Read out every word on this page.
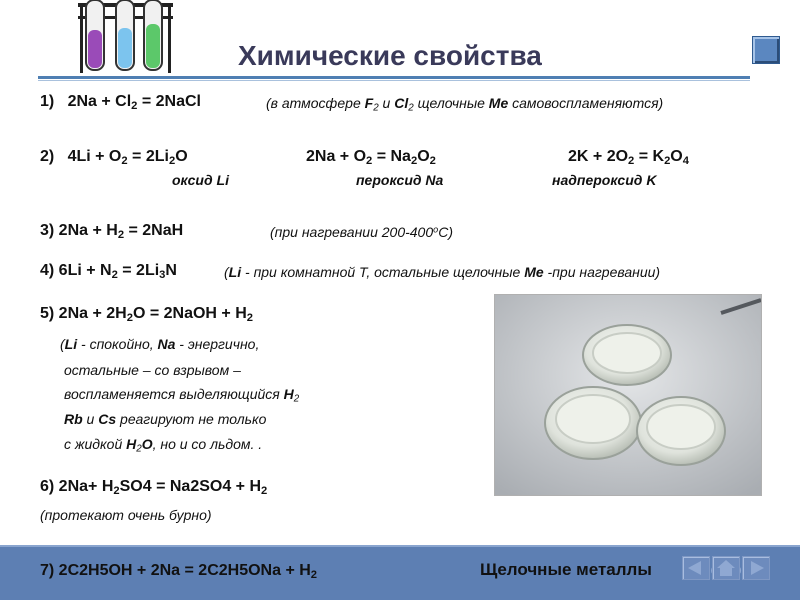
Химические свойства
1) $2Na + Cl_2$ = 2NaCl	(в атмосфере $F_2$ и $Cl_2$ щелочные Ме самовоспламеняются)
2) $4Li + O_2 = 2Li_2O$	$2Na + O_2 = Na_2O_2$	$2K + 2O_2 = K_2O_4$
оксид Li	пероксид Na	надпероксид K
3) $2Na + H_2 = 2NaH$	(при нагревании 200-400$^o$С)
4) $6Li + N_2 = 2Li_3N$	(Li - при комнатной Т, остальные щелочные Ме -при нагревании)
5) $2Na + 2H_2O$ = 2NaOH + $H_2$
(Li - спокойно, Na - энергично,
остальные – со взрывом –
воспламеняется выделяющийся $H_2$
Rb и Cs реагируют не только
с жидкой $H_2O$, но и со льдом. .
6) $2Na+ H_2SO4 = Na2SO4 + H_2$
(протекают очень бурно)
7) $2C2H5OH + 2Na = 2C2H5ONa + H_2$	Щелочные металлы
